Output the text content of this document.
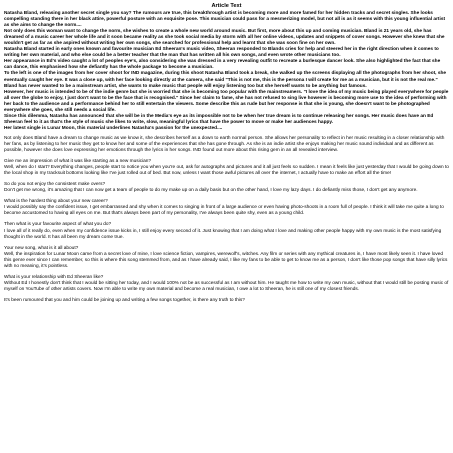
Article Text

Natasha Bland, releasing another secret single you say? The rumours are true, this breakthrough artist is becoming more and more famed for her hidden tracks and secret singles. She looks compelling standing there in her black attire, powerful posture with an exquisite pose. This musician could pass for a mesmerizing model, but not all is as it seems with this young influential artist as she aims to change the norm....

Not only does this woman want to change the norm, she wishes to create a whole new world around music. But first, more about this up and coming musician. Bland is 21 years old, she has dreamed of a music career her whole life and it soon became reality as she took social media by storm with all her online videos, updates and snippets of cover songs. However she knew that she wouldn't get as far as she aspired without writing her own songs, she searched for professional help and learnt that she was soon fine on her own.

Natasha Bland started in early ones known and favourite musician Ed Sheeran's music video, Sheeran responded to Blands cries for help and steered her in the right direction when it comes to writing her own material, and who else could be a better teacher that the man that has written all his own songs, and even wrote other musicians too.

Her appearance in Ed's video caught a lot of peoples eye's, also considering she was dressed in a very revealing outfit to recreate a burlesque dancer look. She also highlighted the fact that she can dance, this emphasised how she defiantly has the whole package to become a musician.

To the left is one of the images from her cover shoot for IND magazine, during this shoot Natasha Bland took a break, she walked up the screens displaying all the photographs from her shoot, she eventually caught her eye. It was a close up, with her face looking directly at the camera, she said "This is not me, this is the persona I will create for me as a musician, but it is not the real me." Bland has never wanted to be a mainstream artist, she wants to make music that people will enjoy listening too but she herself wants to be anything but famous.

However, her music is intended to be of the indie genre but she is worried that she is becoming too popular with the mainstreamers. "I love the idea of my music being played everywhere for people all over the globe to enjoy, I just don't want to be the face that is recognised." Since her claim to fame, she has not refused to sing live however is becoming more use to the idea of performing with her back to the audience and a performance behind her to still entertain the viewers. Some describe this as rude but her response is that she is young, she doesn't want to be photographed everywhere she goes, she still needs a social life.

Since this dilemma, Natasha has announced that she will be in the Media's eye as its impossible not to be when her true dream is to continue releasing her songs. Her music does have an Ed Sheeran feel to it as that's the style of music she likes to write, slow, meaningful lyrics that have the power to move or make her audiences happy.

Her latest single is Lunar Moon, this material underlines Natasha's passion for the unexpected....

Not only does Bland have a dream to change music as we know it, she describes herself as a down to earth normal person. She allows her personality to reflect in her music resulting in a closer relationship with her fans, as by listening to her music they get to know her and some of the experiences that she has gone through. As she is an indie artist she enjoys making her music sound individual and as different as possible, however she does love expressing her emotions through the lyrics in her songs. IND found out more about this rising gem in an all revealed interview.

Give me an impression of what it was like starting as a new musician?
Well, when do I start? Everything changes, people start to notice you when you're out, ask for autographs and pictures and it all just feels so sudden. I mean it feels like just yesterday that I would be going down to the local shop in my tracksuit bottoms looking like I've just rolled out of bed. But now, unless I want those awful pictures all over the internet, I actually have to make an effort all the time!

So do you not enjoy the consistent make overs?
Don't get me wrong, it's amazing that I can now get a team of people to do my make up on a daily basis but on the other hand, I love my lazy days. I do defiantly miss those, I don't get any anymore.

What is the hardest thing about your new career?
I would possibly say the confident issue, I get embarrassed and shy when it comes to singing in front of a large audience or even having photo-shoots in a room full of people. I think it will take me quite a long to become accustomed to having all eyes on me. But that's always been part of my personality, I've always been quite shy, even as a young child.

Then what is your favourite aspect of what you do?
I love all of it really do, even when my confidence issue kicks in, I still enjoy every second of it. Just knowing that I am doing what I love and making other people happy with my own music is the most satisfying thought in the world. It has all been my dream come true.

Your new song, what is it all about?
Well, the inspiration for Lunar Moon came from a secret love of mine, I love science fiction, vampires, werewolf's, witches. Any film or series with any mythical creatures in, I have most likely seen it. I have loved this genre ever since I can remember, so this is where this song stemmed from, and as I have already said, I like my fans to be able to get to know me as a person, I don't like those pop songs that have silly lyrics with no meaning, it's pointless.

What is your relationship with Ed Sheeran like?
Without Ed I honestly don't think that I would be sitting her today, and I would 100% not be as successful as I am without him. He taught me how to write my own music, without that I would still be posting music of myself on YouTube of other artists covers. Now I'm able to write my own material and become a real musician, I owe a lot to Sheeran, he is still one of my closest friends.

It's been rumoured that you and him could be joining up and writing a few songs together, is there any truth to this?
